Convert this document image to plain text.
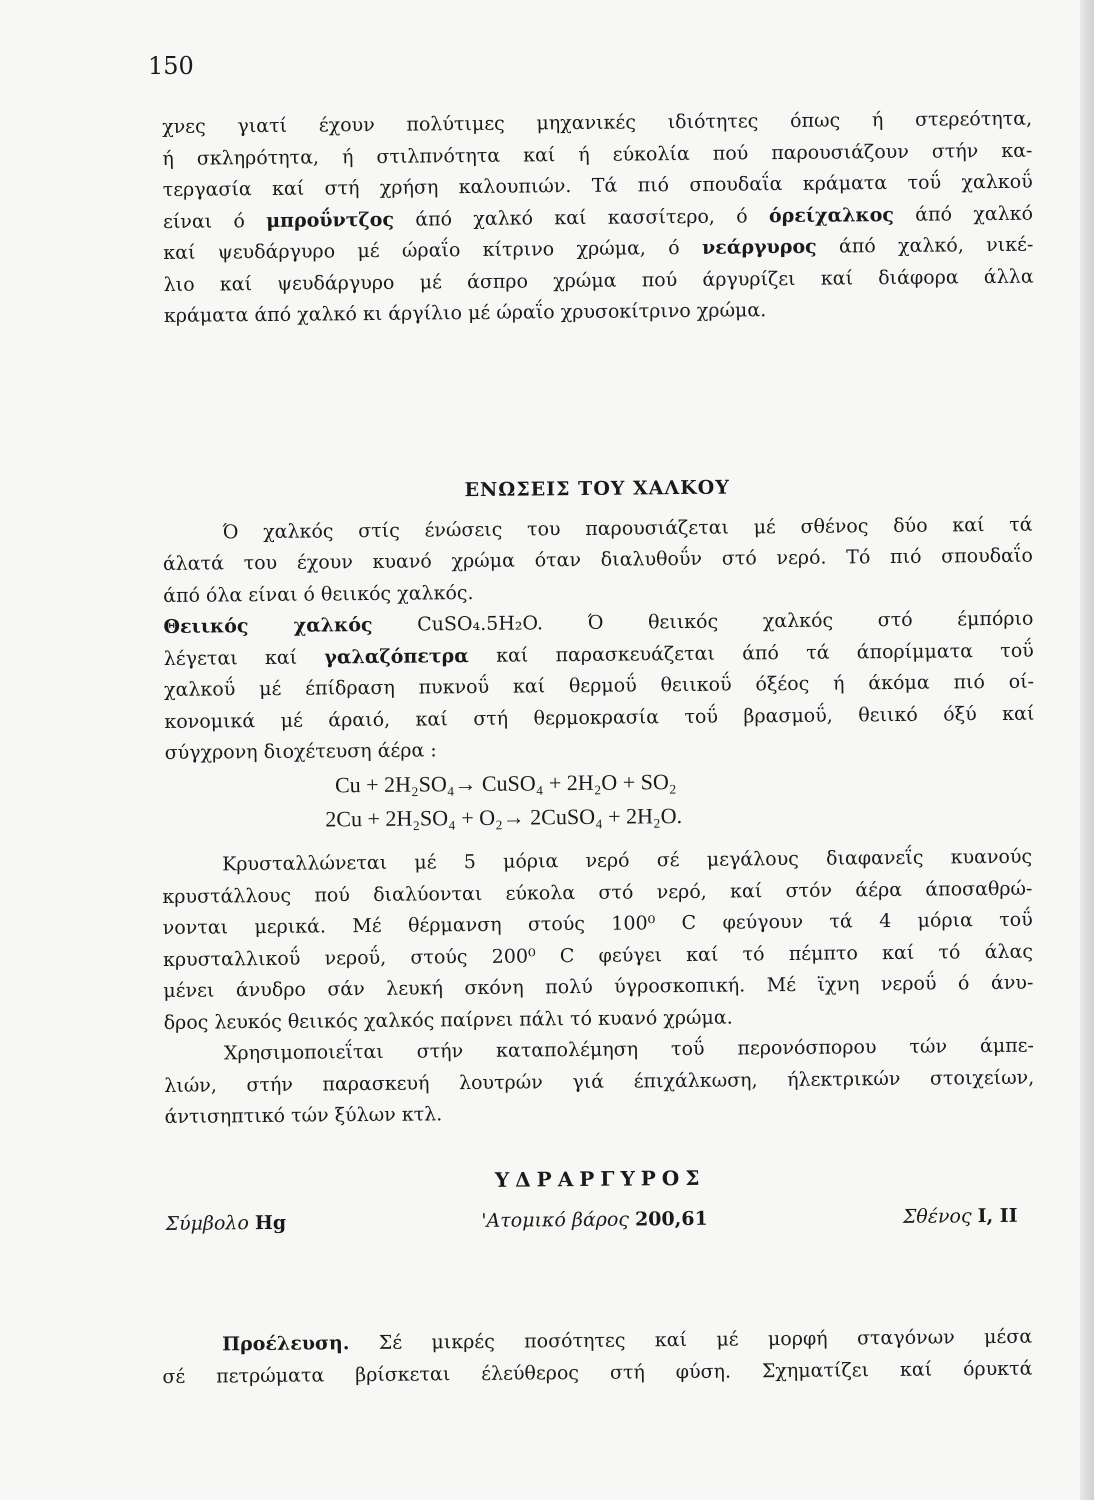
150
χνες γιατί έχουν πολύτιμες μηχανικές ιδιότητες όπως ή στερεότητα,
ή σκληρότητα, ή στιλπνότητα καί ή εύκολία πού παρουσιάζουν στήν κα-
τεργασία καί στή χρήση καλουπιών. Τά πιό σπουδαΐα κράματα τοΰ χαλκοΰ
είναι ό μπροΰντζος άπό χαλκό καί κασσίτερο, ό όρείχαλκος άπό χαλκό
καί ψευδάργυρο μέ ώραΐο κίτρινο χρώμα, ό νεάργυρος άπό χαλκό, νικέ-
λιο καί ψευδάργυρο μέ άσπρο χρώμα πού άργυρίζει καί διάφορα άλλα
κράματα άπό χαλκό κι άργίλιο μέ ώραΐο χρυσοκίτρινο χρώμα.
ΕΝΩΣΕΙΣ ΤΟΥ ΧΑΛΚΟΥ
Ό χαλκός στίς ένώσεις του παρουσιάζεται μέ σθένος δύο καί τά
άλατά του έχουν κυανό χρώμα όταν διαλυθοΰν στό νερό. Τό πιό σπουδαΐο
άπό όλα είναι ό θειικός χαλκός.
Θειικός χαλκός CuSO₄.5H₂O. Ό θειικός χαλκός στό έμπόριο
λέγεται καί γαλαζόπετρα καί παρασκευάζεται άπό τά άπορίμματα τοΰ
χαλκοΰ μέ έπίδραση πυκνοΰ καί θερμοΰ θειικοΰ όξέος ή άκόμα πιό οί-
κονομικά μέ άραιό, καί στή θερμοκρασία τοΰ βρασμοΰ, θειικό όξύ καί
σύγχρονη διοχέτευση άέρα :
Cu + 2H₂SO₄→ CuSO₄ + 2H₂O + SO₂
2Cu + 2H₂SO₄ + O₂→ 2CuSO₄ + 2H₂O.
Κρυσταλλώνεται μέ 5 μόρια νερό σέ μεγάλους διαφανεΐς κυανούς
κρυστάλλους πού διαλύονται εύκολα στό νερό, καί στόν άέρα άποσαθρώ-
νονται μερικά. Μέ θέρμανση στούς 100⁰ C φεύγουν τά 4 μόρια τοΰ
κρυσταλλικοΰ νεροΰ, στούς 200⁰ C φεύγει καί τό πέμπτο καί τό άλας
μένει άνυδρο σάν λευκή σκόνη πολύ ύγροσκοπική. Μέ ϊχνη νεροΰ ό άνυ-
δρος λευκός θειικός χαλκός παίρνει πάλι τό κυανό χρώμα.
Χρησιμοποιεΐται στήν καταπολέμηση τοΰ περονόσπορου τών άμπε-
λιών, στήν παρασκευή λουτρών γιά έπιχάλκωση, ήλεκτρικών στοιχείων,
άντισηπτικό τών ξύλων κτλ.
ΥΔΡΑΡΓΥΡΟΣ
Σύμβολο Hg	'Ατομικό βάρος 200,61	Σθένος I, II
Προέλευση. Σέ μικρές ποσότητες καί μέ μορφή σταγόνων μέσα
σέ πετρώματα βρίσκεται έλεύθερος στή φύση. Σχηματίζει καί όρυκτά
